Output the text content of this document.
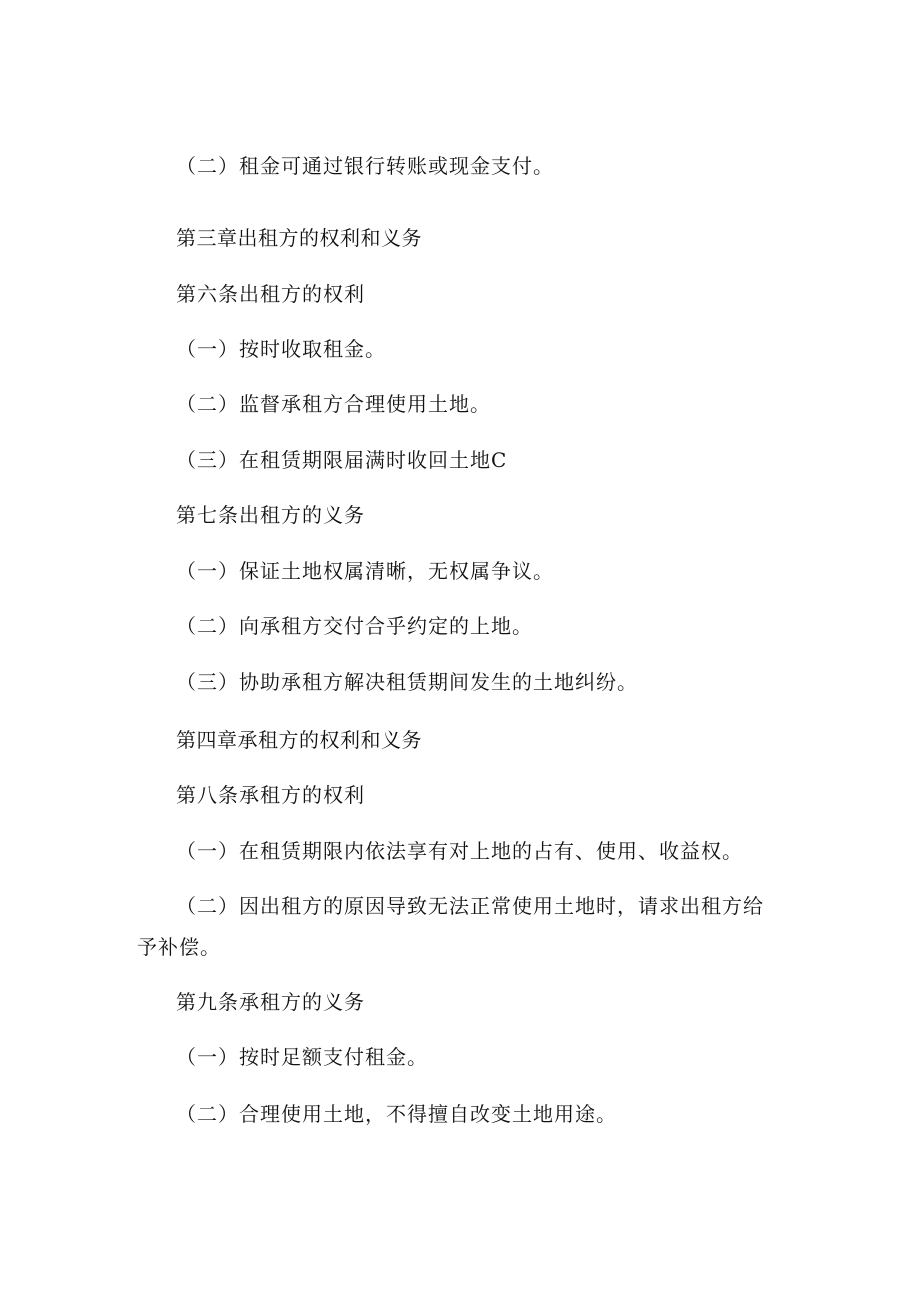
（二）租金可通过银行转账或现金支付。
第三章出租方的权利和义务
第六条出租方的权利
（一）按时收取租金。
（二）监督承租方合理使用土地。
（三）在租赁期限届满时收回土地C
第七条出租方的义务
（一）保证土地权属清晰，无权属争议。
（二）向承租方交付合乎约定的上地。
（三）协助承租方解决租赁期间发生的土地纠纷。
第四章承租方的权利和义务
第八条承租方的权利
（一）在租赁期限内依法享有对上地的占有、使用、收益权。
（二）因出租方的原因导致无法正常使用土地时，请求出租方给
予补偿。
第九条承租方的义务
（一）按时足额支付租金。
（二）合理使用土地，不得擅自改变土地用途。
